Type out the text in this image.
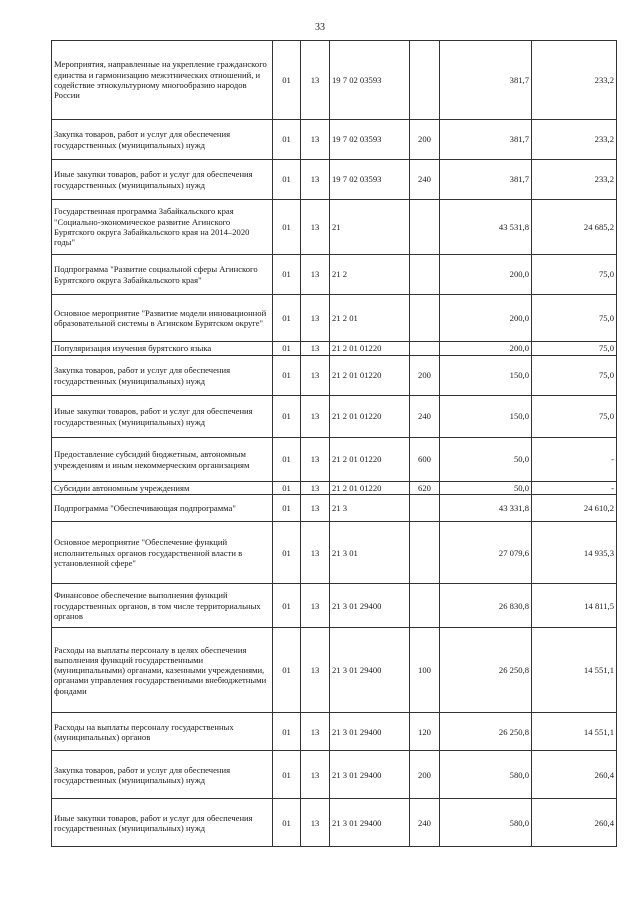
33
Мероприятия, направленные на укрепление гражданского единства и гармонизацию межэтнических отношений, и содействие этнокультурному многообразию народов России	01	13	19 7 02 03593		381,7	233,2
Закупка товаров, работ и услуг для обеспечения государственных (муниципальных) нужд	01	13	19 7 02 03593	200	381,7	233,2
Иные закупки товаров, работ и услуг для обеспечения государственных (муниципальных) нужд	01	13	19 7 02 03593	240	381,7	233,2
Государственная программа Забайкальского края "Социально-экономическое развитие Агинского Бурятского округа Забайкальского края на 2014–2020 годы"	01	13	21		43 531,8	24 685,2
Подпрограмма "Развитие социальной сферы Агинского Бурятского округа Забайкальского края"	01	13	21 2		200,0	75,0
Основное мероприятие "Развитие модели инновационной образовательной системы в Агинском Бурятском округе"	01	13	21 2 01		200,0	75,0
Популяризация изучения бурятского языка	01	13	21 2 01 01220		200,0	75,0
Закупка товаров, работ и услуг для обеспечения государственных (муниципальных) нужд	01	13	21 2 01 01220	200	150,0	75,0
Иные закупки товаров, работ и услуг для обеспечения государственных (муниципальных) нужд	01	13	21 2 01 01220	240	150,0	75,0
Предоставление субсидий бюджетным, автономным учреждениям и иным некоммерческим организациям	01	13	21 2 01 01220	600	50,0	-
Субсидии автономным учреждениям	01	13	21 2 01 01220	620	50,0	-
Подпрограмма "Обеспечивающая подпрограмма"	01	13	21 3		43 331,8	24 610,2
Основное мероприятие "Обеспечение функций исполнительных органов государственной власти в установленной сфере"	01	13	21 3 01		27 079,6	14 935,3
Финансовое обеспечение выполнения функций государственных органов, в том числе территориальных органов	01	13	21 3 01 29400		26 830,8	14 811,5
Расходы на выплаты персоналу в целях обеспечения выполнения функций государственными (муниципальными) органами, казенными учреждениями, органами управления государственными внебюджетными фондами	01	13	21 3 01 29400	100	26 250,8	14 551,1
Расходы на выплаты персоналу государственных (муниципальных) органов	01	13	21 3 01 29400	120	26 250,8	14 551,1
Закупка товаров, работ и услуг для обеспечения государственных (муниципальных) нужд	01	13	21 3 01 29400	200	580,0	260,4
Иные закупки товаров, работ и услуг для обеспечения государственных (муниципальных) нужд	01	13	21 3 01 29400	240	580,0	260,4
